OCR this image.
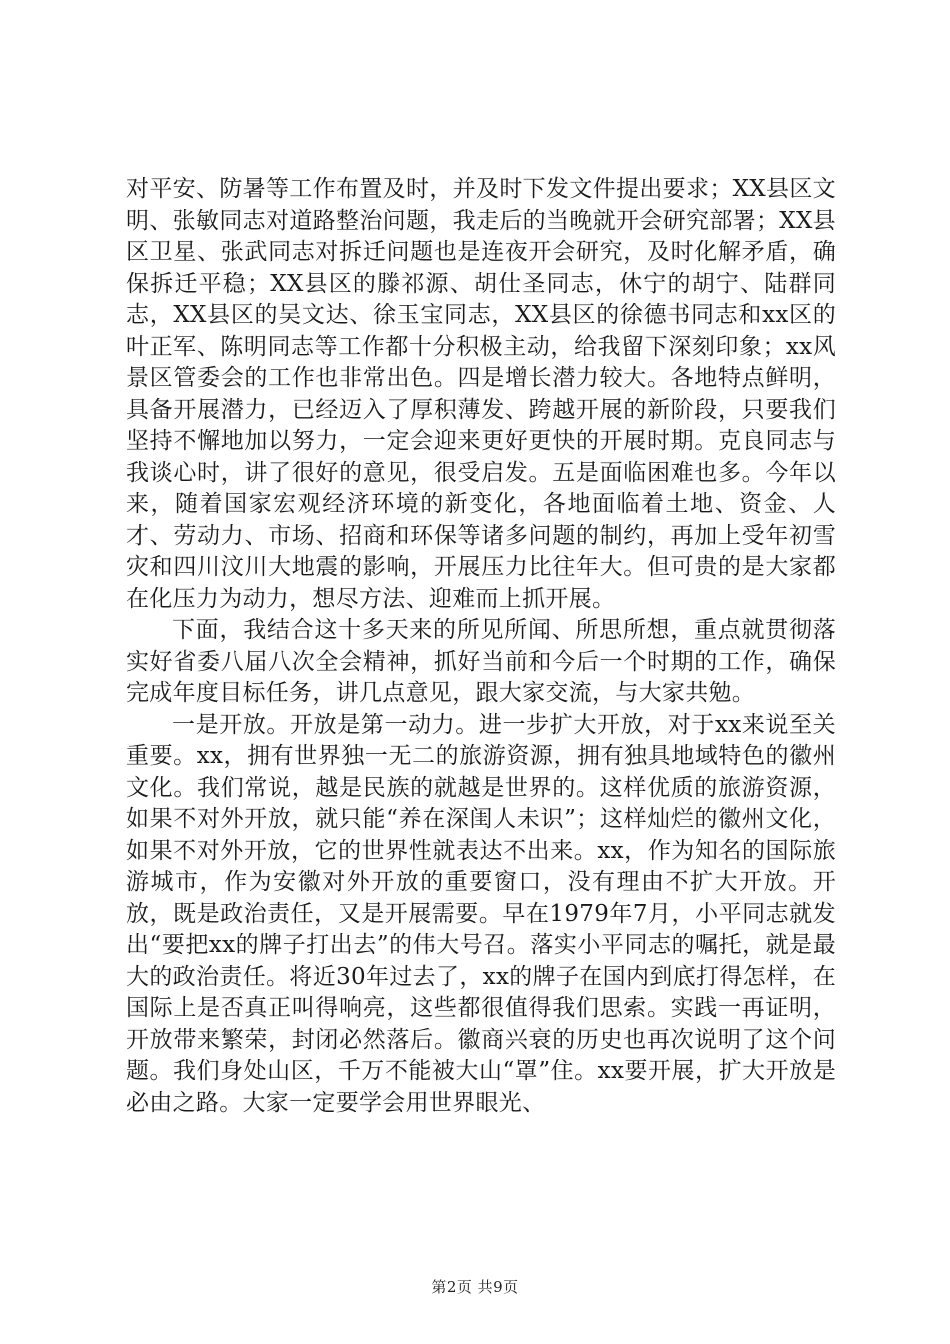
对平安、防暑等工作布置及时，并及时下发文件提出要求；XX县区文明、张敏同志对道路整治问题，我走后的当晚就开会研究部署；XX县区卫星、张武同志对拆迁问题也是连夜开会研究，及时化解矛盾，确保拆迁平稳；XX县区的滕祁源、胡仕圣同志，休宁的胡宁、陆群同志，XX县区的吴文达、徐玉宝同志，XX县区的徐德书同志和xx区的叶正军、陈明同志等工作都十分积极主动，给我留下深刻印象；xx风景区管委会的工作也非常出色。四是增长潜力较大。各地特点鲜明，具备开展潜力，已经迈入了厚积薄发、跨越开展的新阶段，只要我们坚持不懈地加以努力，一定会迎来更好更快的开展时期。克良同志与我谈心时，讲了很好的意见，很受启发。五是面临困难也多。今年以来，随着国家宏观经济环境的新变化，各地面临着土地、资金、人才、劳动力、市场、招商和环保等诸多问题的制约，再加上受年初雪灾和四川汶川大地震的影响，开展压力比往年大。但可贵的是大家都在化压力为动力，想尽方法、迎难而上抓开展。

下面，我结合这十多天来的所见所闻、所思所想，重点就贯彻落实好省委八届八次全会精神，抓好当前和今后一个时期的工作，确保完成年度目标任务，讲几点意见，跟大家交流，与大家共勉。

一是开放。开放是第一动力。进一步扩大开放，对于xx来说至关重要。xx，拥有世界独一无二的旅游资源，拥有独具地域特色的徽州文化。我们常说，越是民族的就越是世界的。这样优质的旅游资源，如果不对外开放，就只能“养在深闺人未识”；这样灿烂的徽州文化，如果不对外开放，它的世界性就表达不出来。xx，作为知名的国际旅游城市，作为安徽对外开放的重要窗口，没有理由不扩大开放。开放，既是政治责任，又是开展需要。早在1979年7月，小平同志就发出“要把xx的牌子打出去”的伟大号召。落实小平同志的嘱托，就是最大的政治责任。将近30年过去了，xx的牌子在国内到底打得怎样，在国际上是否真正叫得响亮，这些都很值得我们思索。实践一再证明，开放带来繁荣，封闭必然落后。徽商兴衰的历史也再次说明了这个问题。我们身处山区，千万不能被大山“罩”住。xx要开展，扩大开放是必由之路。大家一定要学会用世界眼光、

第2页 共9页
